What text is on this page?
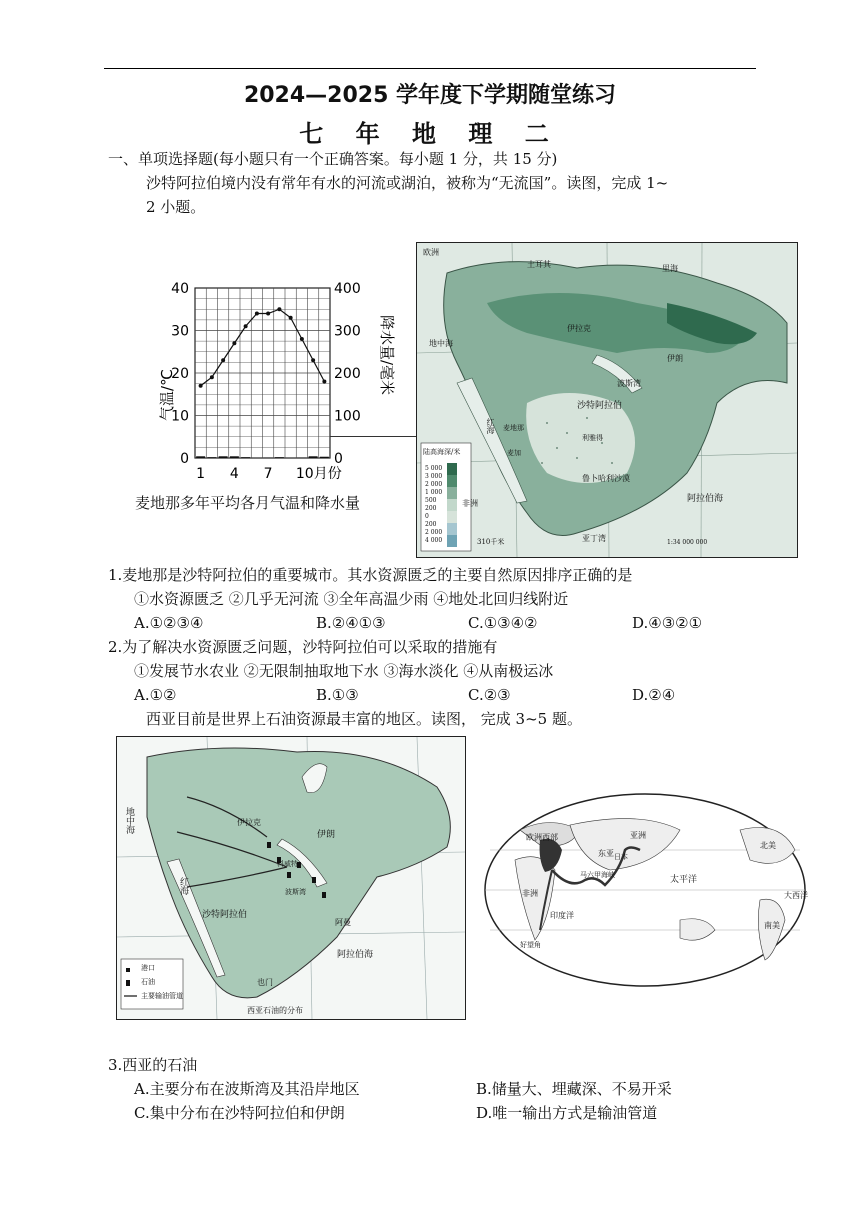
2024—2025 学年度下学期随堂练习
七 年 地 理 二
一、单项选择题(每小题只有一个正确答案。每小题 1 分，共 15 分)
沙特阿拉伯境内没有常年有水的河流或湖泊，被称为“无流国”。读图，完成 1~
2 小题。
0
10
20
30
40
0
100
200
300
400
1 4 7 10月份
气温/℃	降水量/毫米
麦地那多年平均各月气温和降水量
陆高海深/米
5 000
3 000
2 000
1 000
500
200
0
200
2 000
4 000	310千米
欧洲
土耳其
伊拉克
伊朗
里海
地中海
红海
波斯湾
沙特阿拉伯
鲁卜哈利沙漠
阿拉伯海
亚丁湾
非洲
利雅得
麦地那
麦加
1:34 000 000
1.麦地那是沙特阿拉伯的重要城市。其水资源匮乏的主要自然原因排序正确的是
①水资源匮乏 ②几乎无河流 ③全年高温少雨 ④地处北回归线附近
A.①②③④	B.②④①③	C.①③④②	D.④③②①
2.为了解决水资源匮乏问题，沙特阿拉伯可以采取的措施有
①发展节水农业 ②无限制抽取地下水 ③海水淡化 ④从南极运冰
A.①②	B.①③	C.②③	D.②④
西亚目前是世界上石油资源最丰富的地区。读图， 完成 3~5 题。
港口
石油
主要输油管道
西亚石油的分布
地中海
红海
伊朗
伊拉克
沙特阿拉伯
波斯湾
阿拉伯海
也门
阿曼
科威特
欧洲西部
非洲
亚洲
东亚 日本
印度洋
太平洋
大西洋
北美
南美
好望角
马六甲海峡
3.西亚的石油
A.主要分布在波斯湾及其沿岸地区	B.储量大、埋藏深、不易开采
C.集中分布在沙特阿拉伯和伊朗	D.唯一输出方式是输油管道
